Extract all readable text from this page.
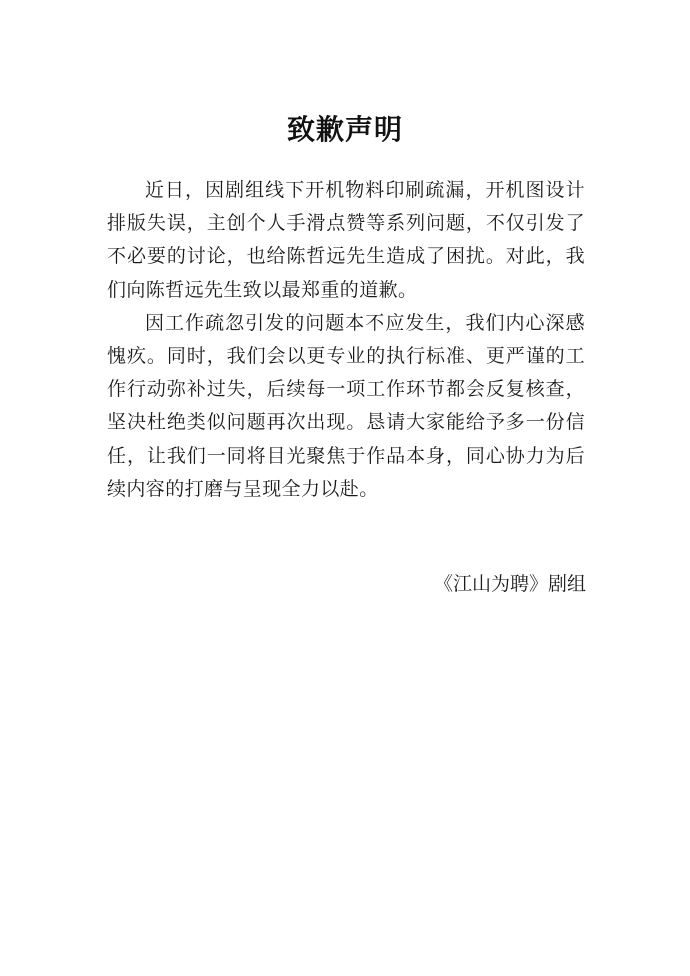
致歉声明

近日，因剧组线下开机物料印刷疏漏，开机图设计排版失误，主创个人手滑点赞等系列问题，不仅引发了不必要的讨论，也给陈哲远先生造成了困扰。对此，我们向陈哲远先生致以最郑重的道歉。

因工作疏忽引发的问题本不应发生，我们内心深感愧疚。同时，我们会以更专业的执行标准、更严谨的工作行动弥补过失，后续每一项工作环节都会反复核查，坚决杜绝类似问题再次出现。恳请大家能给予多一份信任，让我们一同将目光聚焦于作品本身，同心协力为后续内容的打磨与呈现全力以赴。

《江山为聘》剧组
